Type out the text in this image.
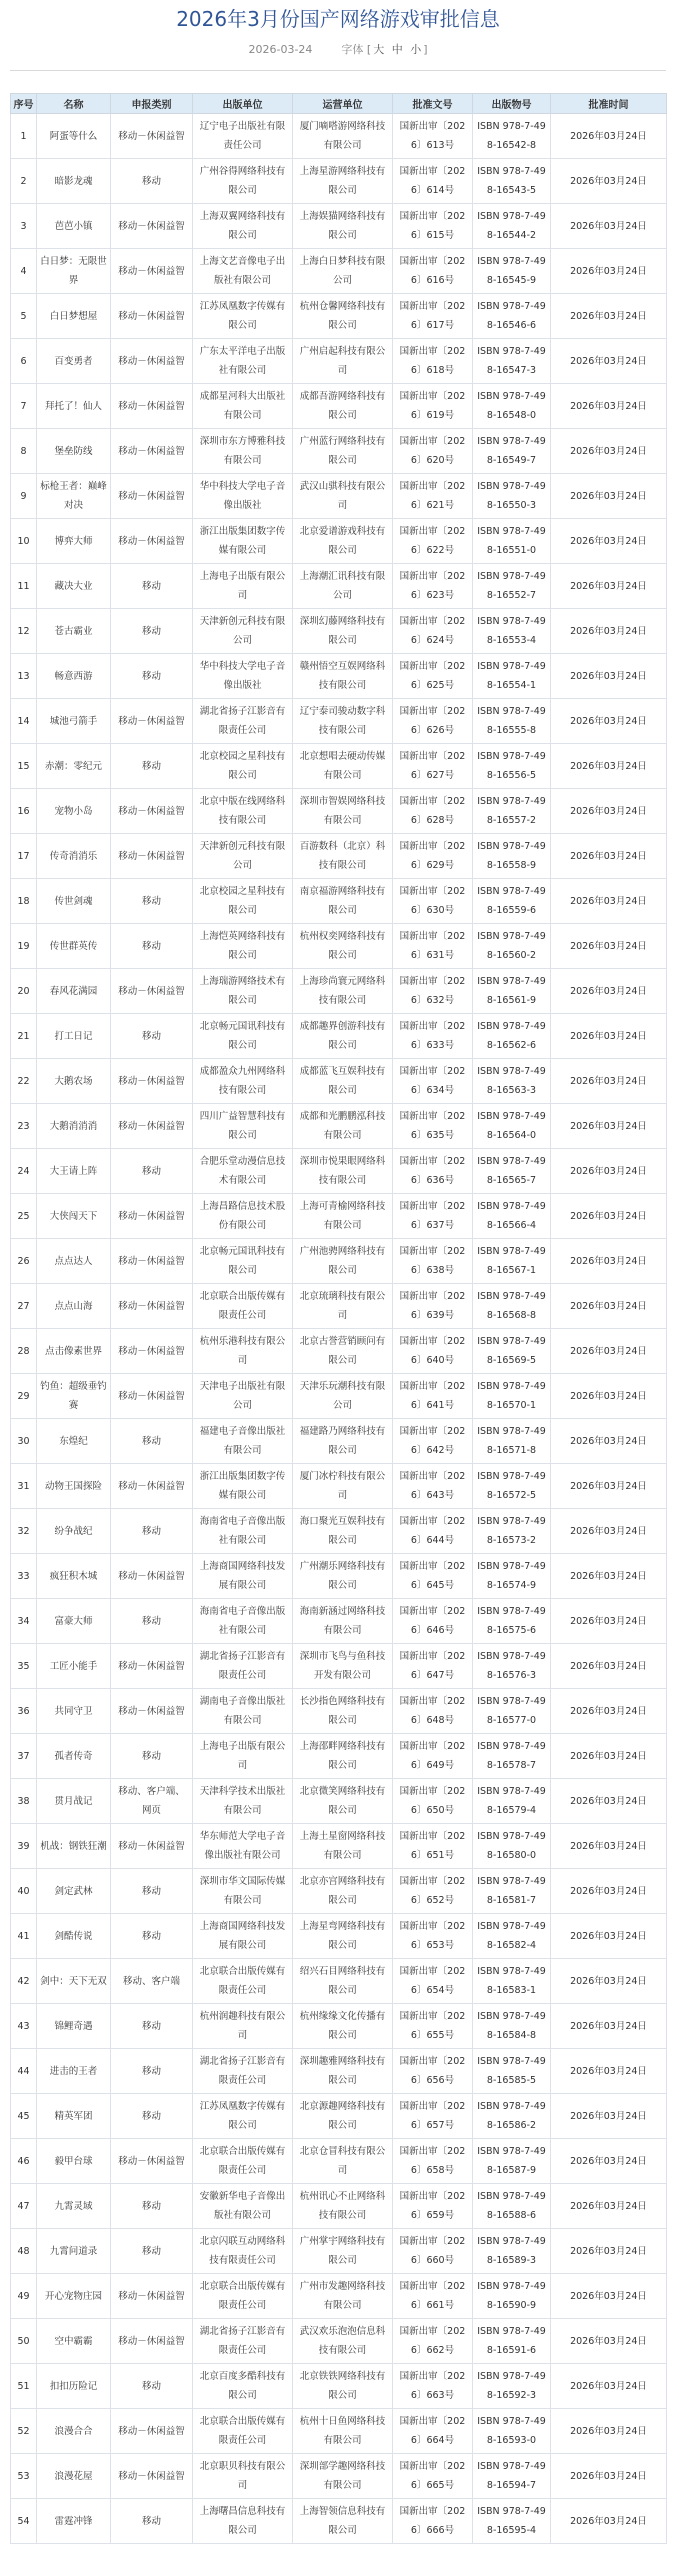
2026年3月份国产网络游戏审批信息
2026-03-24	字体 [ 大 中 小 ]
序号	名称	申报类别	出版单位	运营单位	批准文号	出版物号	批准时间
1	阿蛋等什么	移动－休闲益智	辽宁电子出版社有限责任公司	厦门嘀嗒游网络科技有限公司	国新出审〔2026〕613号	ISBN 978-7-498-16542-8	2026年03月24日
2	暗影龙魂	移动	广州谷得网络科技有限公司	上海星游网络科技有限公司	国新出审〔2026〕614号	ISBN 978-7-498-16543-5	2026年03月24日
3	芭芭小镇	移动－休闲益智	上海双翼网络科技有限公司	上海娱猫网络科技有限公司	国新出审〔2026〕615号	ISBN 978-7-498-16544-2	2026年03月24日
4	白日梦：无限世界	移动－休闲益智	上海文艺音像电子出版社有限公司	上海白日梦科技有限公司	国新出审〔2026〕616号	ISBN 978-7-498-16545-9	2026年03月24日
5	白日梦想屋	移动－休闲益智	江苏凤凰数字传媒有限公司	杭州仓馨网络科技有限公司	国新出审〔2026〕617号	ISBN 978-7-498-16546-6	2026年03月24日
6	百变勇者	移动－休闲益智	广东太平洋电子出版社有限公司	广州启起科技有限公司	国新出审〔2026〕618号	ISBN 978-7-498-16547-3	2026年03月24日
7	拜托了！仙人	移动－休闲益智	成都星河科大出版社有限公司	成都吾游网络科技有限公司	国新出审〔2026〕619号	ISBN 978-7-498-16548-0	2026年03月24日
8	堡垒防线	移动－休闲益智	深圳市东方博雅科技有限公司	广州蓝行网络科技有限公司	国新出审〔2026〕620号	ISBN 978-7-498-16549-7	2026年03月24日
9	标枪王者：巅峰对决	移动－休闲益智	华中科技大学电子音像出版社	武汉山骐科技有限公司	国新出审〔2026〕621号	ISBN 978-7-498-16550-3	2026年03月24日
10	博弈大师	移动－休闲益智	浙江出版集团数字传媒有限公司	北京爱谱游戏科技有限公司	国新出审〔2026〕622号	ISBN 978-7-498-16551-0	2026年03月24日
11	藏决大业	移动	上海电子出版有限公司	上海潮汇讯科技有限公司	国新出审〔2026〕623号	ISBN 978-7-498-16552-7	2026年03月24日
12	苍古霸业	移动	天津新创元科技有限公司	深圳幻藤网络科技有限公司	国新出审〔2026〕624号	ISBN 978-7-498-16553-4	2026年03月24日
13	畅意西游	移动	华中科技大学电子音像出版社	赣州悟空互娱网络科技有限公司	国新出审〔2026〕625号	ISBN 978-7-498-16554-1	2026年03月24日
14	城池弓箭手	移动－休闲益智	湖北省扬子江影音有限责任公司	辽宁泰司骏动数字科技有限公司	国新出审〔2026〕626号	ISBN 978-7-498-16555-8	2026年03月24日
15	赤潮：零纪元	移动	北京校园之星科技有限公司	北京想唱去硬动传媒有限公司	国新出审〔2026〕627号	ISBN 978-7-498-16556-5	2026年03月24日
16	宠物小岛	移动－休闲益智	北京中版在线网络科技有限公司	深圳市智娱网络科技有限公司	国新出审〔2026〕628号	ISBN 978-7-498-16557-2	2026年03月24日
17	传奇消消乐	移动－休闲益智	天津新创元科技有限公司	百游数科（北京）科技有限公司	国新出审〔2026〕629号	ISBN 978-7-498-16558-9	2026年03月24日
18	传世剑魂	移动	北京校园之星科技有限公司	南京福游网络科技有限公司	国新出审〔2026〕630号	ISBN 978-7-498-16559-6	2026年03月24日
19	传世群英传	移动	上海恺英网络科技有限公司	杭州权奕网络科技有限公司	国新出审〔2026〕631号	ISBN 978-7-498-16560-2	2026年03月24日
20	春风花满园	移动－休闲益智	上海瑞游网络技术有限公司	上海珍尚寰元网络科技有限公司	国新出审〔2026〕632号	ISBN 978-7-498-16561-9	2026年03月24日
21	打工日记	移动	北京畅元国讯科技有限公司	成都趣界创游科技有限公司	国新出审〔2026〕633号	ISBN 978-7-498-16562-6	2026年03月24日
22	大鹅农场	移动－休闲益智	成都盈众九州网络科技有限公司	成都蓝飞互娱科技有限公司	国新出审〔2026〕634号	ISBN 978-7-498-16563-3	2026年03月24日
23	大鹅消消消	移动－休闲益智	四川广益智慧科技有限公司	成都和光鹏鹏泓科技有限公司	国新出审〔2026〕635号	ISBN 978-7-498-16564-0	2026年03月24日
24	大王请上阵	移动	合肥乐堂动漫信息技术有限公司	深圳市悦果眼网络科技有限公司	国新出审〔2026〕636号	ISBN 978-7-498-16565-7	2026年03月24日
25	大侠闯天下	移动－休闲益智	上海昌路信息技术股份有限公司	上海可青榆网络科技有限公司	国新出审〔2026〕637号	ISBN 978-7-498-16566-4	2026年03月24日
26	点点达人	移动－休闲益智	北京畅元国讯科技有限公司	广州池骋网络科技有限公司	国新出审〔2026〕638号	ISBN 978-7-498-16567-1	2026年03月24日
27	点点山海	移动－休闲益智	北京联合出版传媒有限责任公司	北京琉璃科技有限公司	国新出审〔2026〕639号	ISBN 978-7-498-16568-8	2026年03月24日
28	点击像素世界	移动－休闲益智	杭州乐港科技有限公司	北京古誉营销顾问有限公司	国新出审〔2026〕640号	ISBN 978-7-498-16569-5	2026年03月24日
29	钓鱼：超级垂钓赛	移动－休闲益智	天津电子出版社有限公司	天津乐玩潮科技有限公司	国新出审〔2026〕641号	ISBN 978-7-498-16570-1	2026年03月24日
30	东煌纪	移动	福建电子音像出版社有限公司	福建路乃网络科技有限公司	国新出审〔2026〕642号	ISBN 978-7-498-16571-8	2026年03月24日
31	动物王国探险	移动－休闲益智	浙江出版集团数字传媒有限公司	厦门冰柠科技有限公司	国新出审〔2026〕643号	ISBN 978-7-498-16572-5	2026年03月24日
32	纷争战纪	移动	海南省电子音像出版社有限公司	海口聚光互娱科技有限公司	国新出审〔2026〕644号	ISBN 978-7-498-16573-2	2026年03月24日
33	疯狂积木城	移动－休闲益智	上海商国网络科技发展有限公司	广州潮乐网络科技有限公司	国新出审〔2026〕645号	ISBN 978-7-498-16574-9	2026年03月24日
34	富豪大师	移动	海南省电子音像出版社有限公司	海南新涵过网络科技有限公司	国新出审〔2026〕646号	ISBN 978-7-498-16575-6	2026年03月24日
35	工匠小能手	移动－休闲益智	湖北省扬子江影音有限责任公司	深圳市飞鸟与鱼科技开发有限公司	国新出审〔2026〕647号	ISBN 978-7-498-16576-3	2026年03月24日
36	共同守卫	移动－休闲益智	湖南电子音像出版社有限公司	长沙指色网络科技有限公司	国新出审〔2026〕648号	ISBN 978-7-498-16577-0	2026年03月24日
37	孤者传奇	移动	上海电子出版有限公司	上海邵畔网络科技有限公司	国新出审〔2026〕649号	ISBN 978-7-498-16578-7	2026年03月24日
38	贯月战记	移动、客户端、网页	天津科学技术出版社有限公司	北京微笑网络科技有限公司	国新出审〔2026〕650号	ISBN 978-7-498-16579-4	2026年03月24日
39	机战：钢铁狂潮	移动－休闲益智	华东师范大学电子音像出版社有限公司	上海土星窗网络科技有限公司	国新出审〔2026〕651号	ISBN 978-7-498-16580-0	2026年03月24日
40	剑定武林	移动	深圳市华文国际传媒有限公司	北京亦宫网络科技有限公司	国新出审〔2026〕652号	ISBN 978-7-498-16581-7	2026年03月24日
41	剑酷传说	移动	上海商国网络科技发展有限公司	上海星弯网络科技有限公司	国新出审〔2026〕653号	ISBN 978-7-498-16582-4	2026年03月24日
42	剑中：天下无双	移动、客户端	北京联合出版传媒有限责任公司	绍兴石目网络科技有限公司	国新出审〔2026〕654号	ISBN 978-7-498-16583-1	2026年03月24日
43	锦鲤奇遇	移动	杭州润趣科技有限公司	杭州缘缘文化传播有限公司	国新出审〔2026〕655号	ISBN 978-7-498-16584-8	2026年03月24日
44	进击的王者	移动	湖北省扬子江影音有限责任公司	深圳趣雅网络科技有限公司	国新出审〔2026〕656号	ISBN 978-7-498-16585-5	2026年03月24日
45	精英军团	移动	江苏凤凰数字传媒有限公司	北京源趣网络科技有限公司	国新出审〔2026〕657号	ISBN 978-7-498-16586-2	2026年03月24日
46	毅甲台球	移动－休闲益智	北京联合出版传媒有限责任公司	北京仓冒科技有限公司	国新出审〔2026〕658号	ISBN 978-7-498-16587-9	2026年03月24日
47	九霄灵域	移动	安徽新华电子音像出版社有限公司	杭州讯心不止网络科技有限公司	国新出审〔2026〕659号	ISBN 978-7-498-16588-6	2026年03月24日
48	九霄问道录	移动	北京闪联互动网络科技有限责任公司	广州掌宇网络科技有限公司	国新出审〔2026〕660号	ISBN 978-7-498-16589-3	2026年03月24日
49	开心宠物庄园	移动－休闲益智	北京联合出版传媒有限责任公司	广州市发趣网络科技有限公司	国新出审〔2026〕661号	ISBN 978-7-498-16590-9	2026年03月24日
50	空中霸霸	移动－休闲益智	湖北省扬子江影音有限责任公司	武汉欢乐泡泡信息科技有限公司	国新出审〔2026〕662号	ISBN 978-7-498-16591-6	2026年03月24日
51	扣扣历险记	移动	北京百度多酷科技有限公司	北京铁铁网络科技有限公司	国新出审〔2026〕663号	ISBN 978-7-498-16592-3	2026年03月24日
52	浪漫合合	移动－休闲益智	北京联合出版传媒有限责任公司	杭州十日鱼网络科技有限公司	国新出审〔2026〕664号	ISBN 978-7-498-16593-0	2026年03月24日
53	浪漫花屋	移动－休闲益智	北京职贝科技有限公司	深圳部学趣网络科技有限公司	国新出审〔2026〕665号	ISBN 978-7-498-16594-7	2026年03月24日
54	雷霆冲锋	移动	上海曙昌信息科技有限公司	上海智领信息科技有限公司	国新出审〔2026〕666号	ISBN 978-7-498-16595-4	2026年03月24日
